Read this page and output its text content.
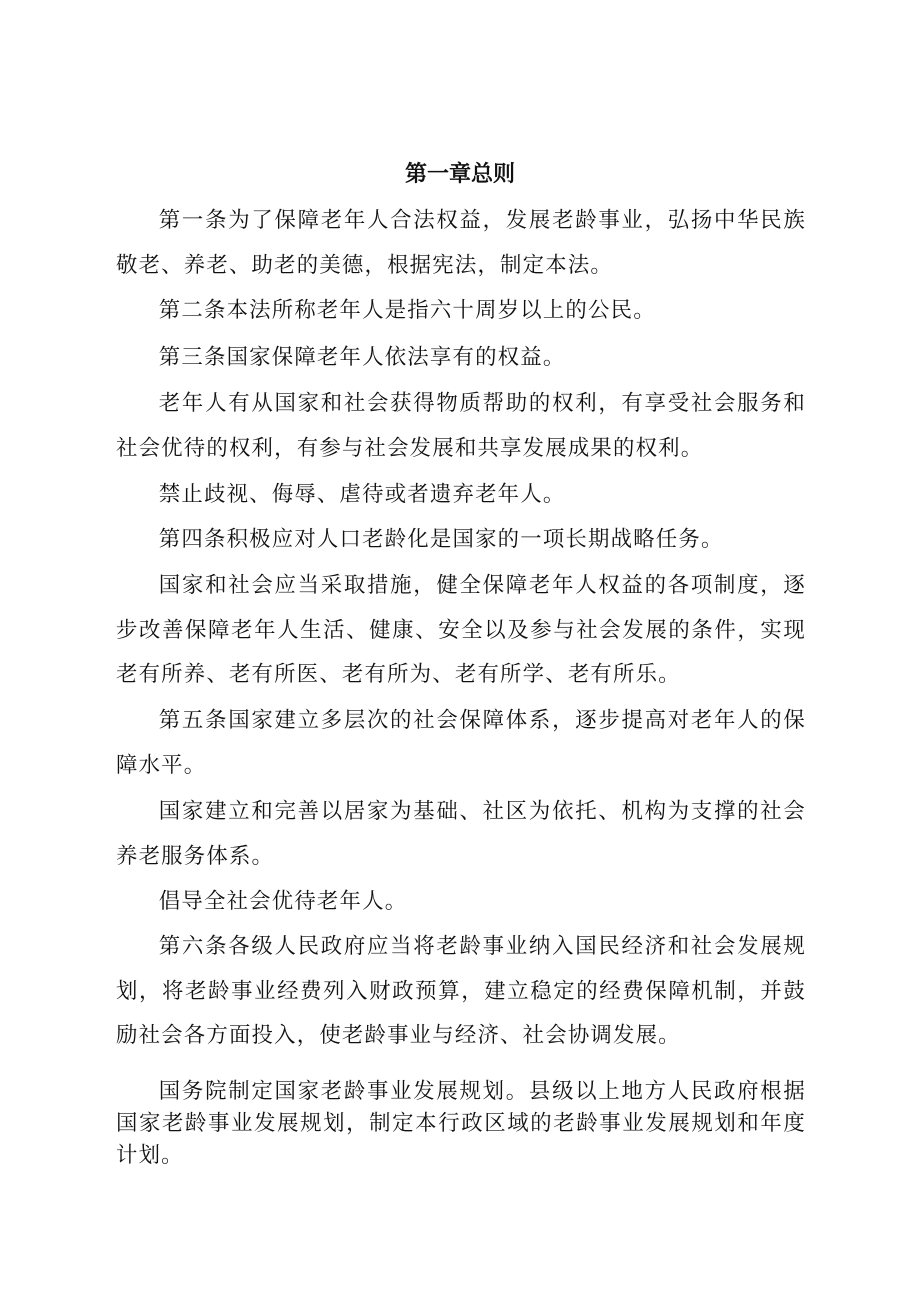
第一章总则

第一条为了保障老年人合法权益，发展老龄事业，弘扬中华民族敬老、养老、助老的美德，根据宪法，制定本法。

第二条本法所称老年人是指六十周岁以上的公民。

第三条国家保障老年人依法享有的权益。

老年人有从国家和社会获得物质帮助的权利，有享受社会服务和社会优待的权利，有参与社会发展和共享发展成果的权利。

禁止歧视、侮辱、虐待或者遗弃老年人。

第四条积极应对人口老龄化是国家的一项长期战略任务。

国家和社会应当采取措施，健全保障老年人权益的各项制度，逐步改善保障老年人生活、健康、安全以及参与社会发展的条件，实现老有所养、老有所医、老有所为、老有所学、老有所乐。

第五条国家建立多层次的社会保障体系，逐步提高对老年人的保障水平。

国家建立和完善以居家为基础、社区为依托、机构为支撑的社会养老服务体系。

倡导全社会优待老年人。

第六条各级人民政府应当将老龄事业纳入国民经济和社会发展规划，将老龄事业经费列入财政预算，建立稳定的经费保障机制，并鼓励社会各方面投入，使老龄事业与经济、社会协调发展。

国务院制定国家老龄事业发展规划。县级以上地方人民政府根据国家老龄事业发展规划，制定本行政区域的老龄事业发展规划和年度计划。
